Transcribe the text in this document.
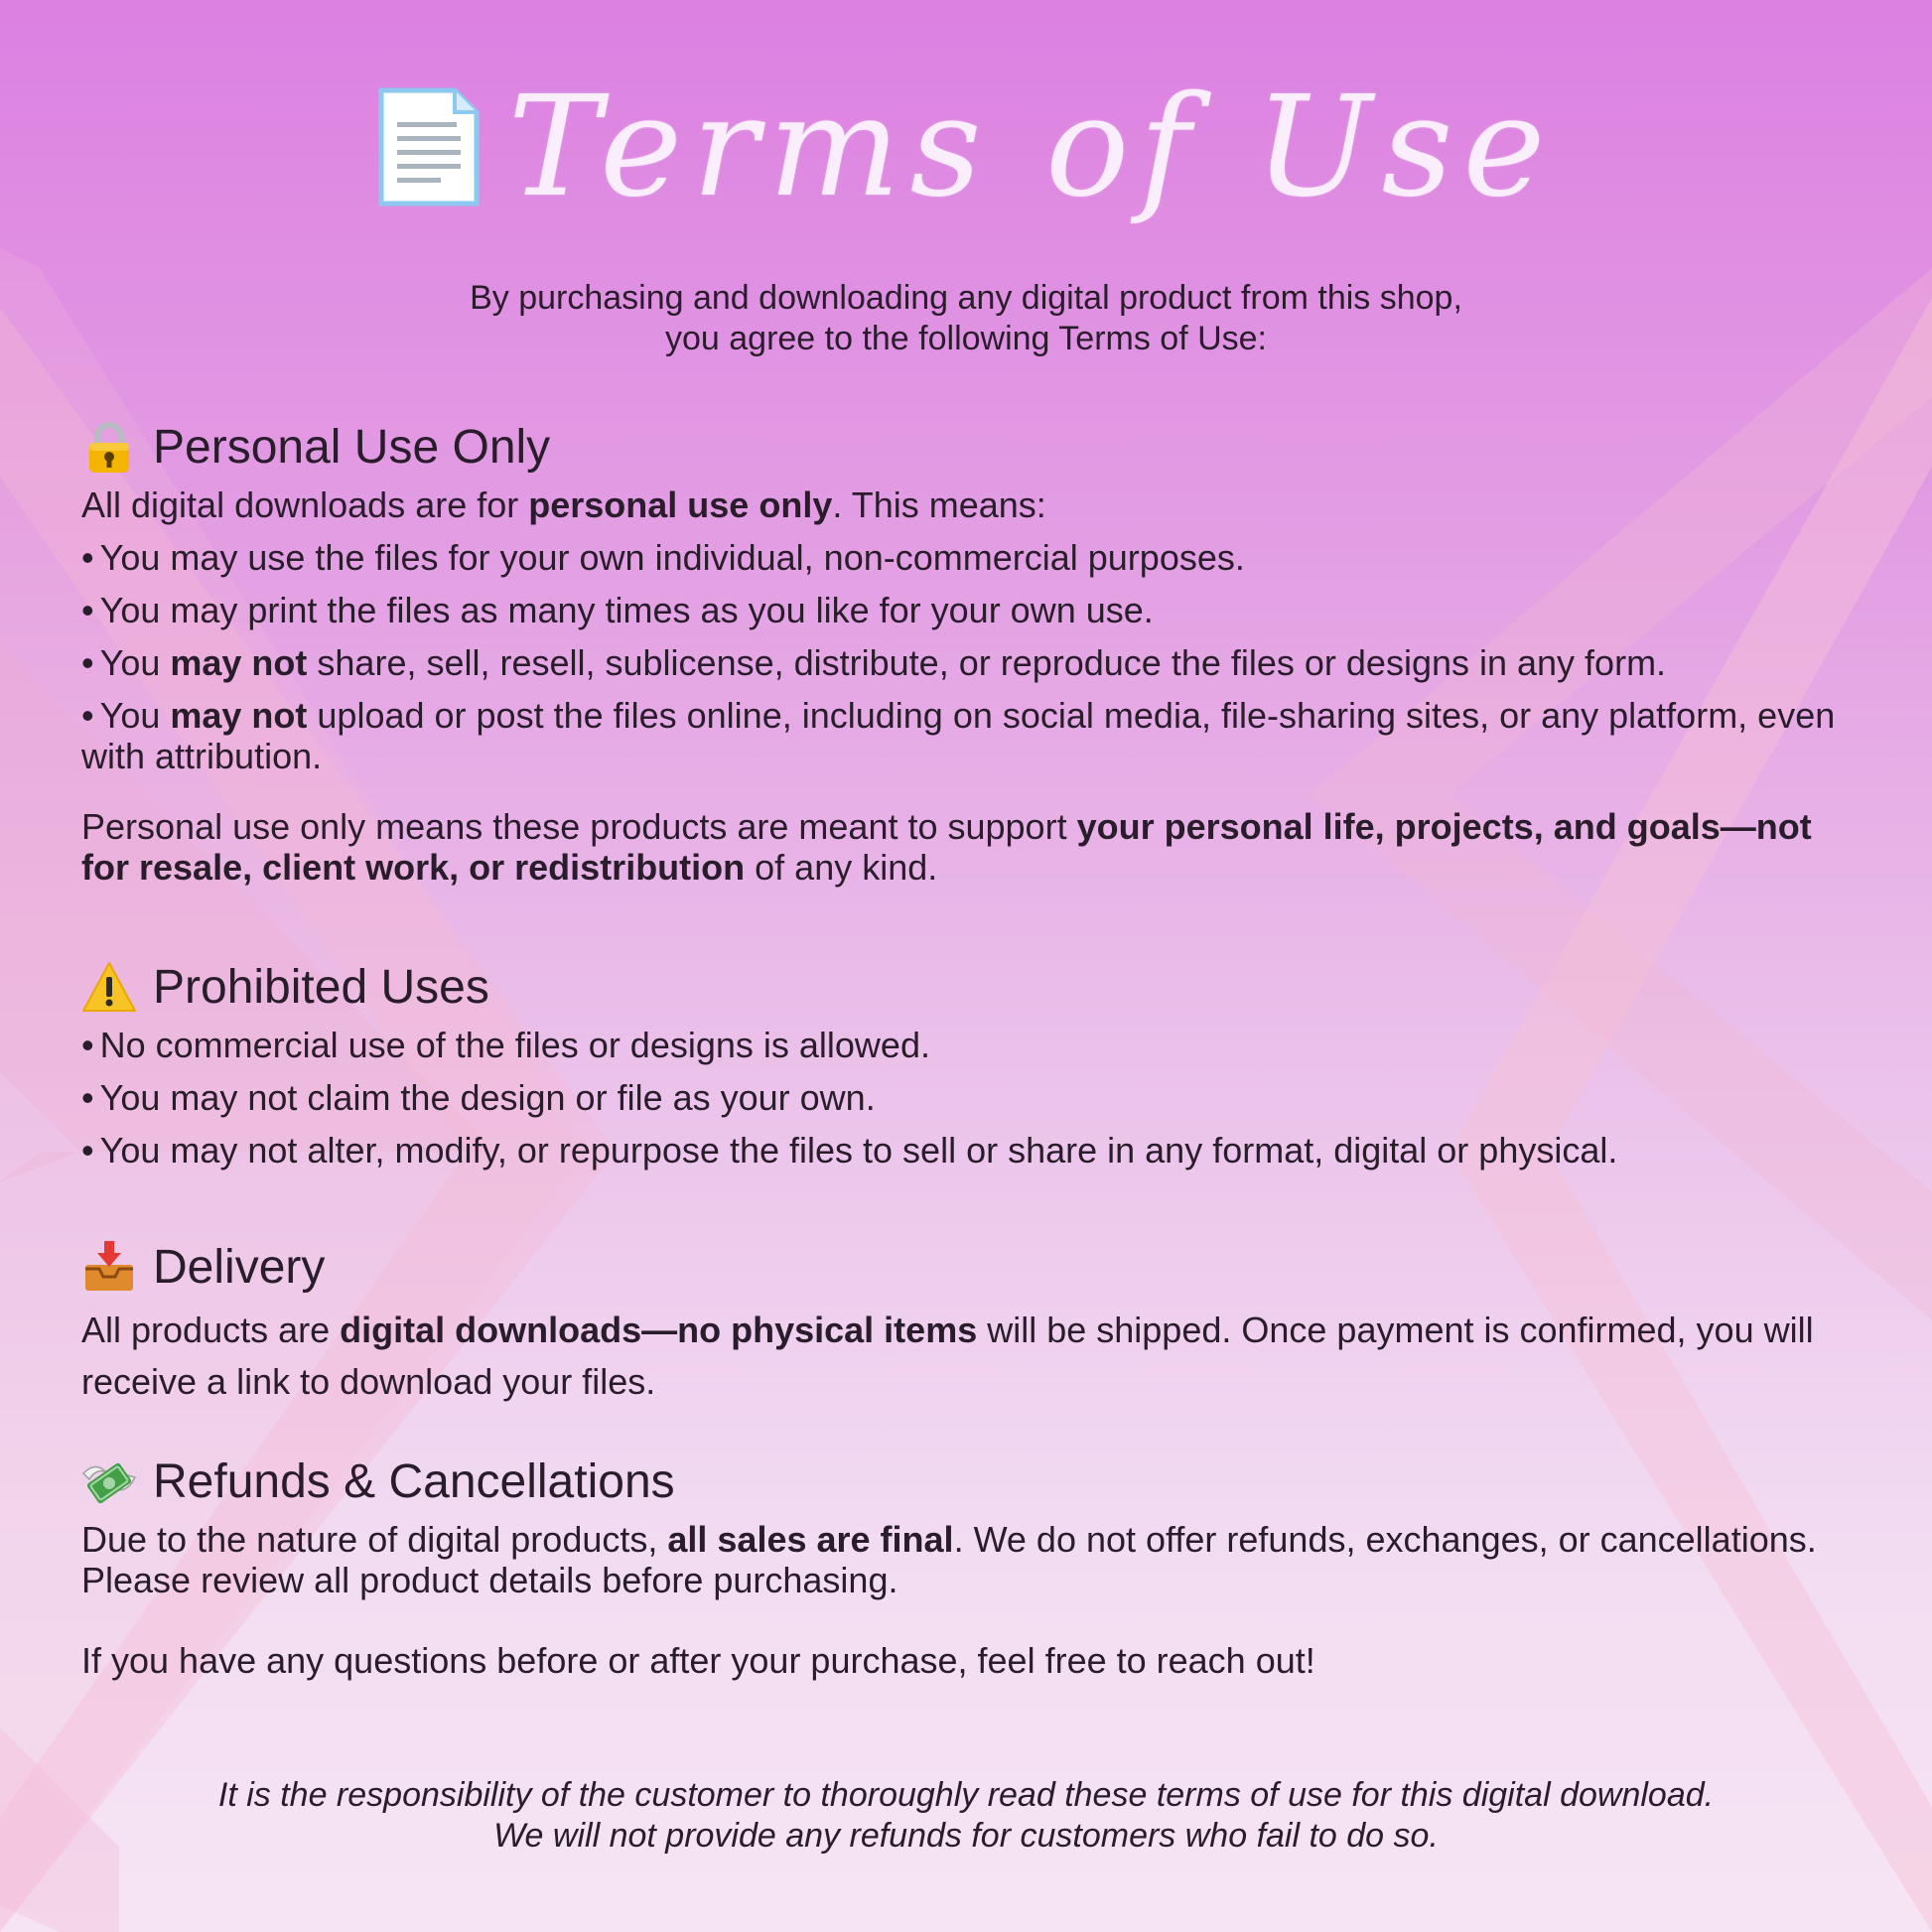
Terms of Use
By purchasing and downloading any digital product from this shop,
you agree to the following Terms of Use:
Personal Use Only
All digital downloads are for personal use only. This means:
• You may use the files for your own individual, non-commercial purposes.
• You may print the files as many times as you like for your own use.
• You may not share, sell, resell, sublicense, distribute, or reproduce the files or designs in any form.
• You may not upload or post the files online, including on social media, file-sharing sites, or any platform, even with attribution.
Personal use only means these products are meant to support your personal life, projects, and goals—not for resale, client work, or redistribution of any kind.
Prohibited Uses
• No commercial use of the files or designs is allowed.
• You may not claim the design or file as your own.
• You may not alter, modify, or repurpose the files to sell or share in any format, digital or physical.
Delivery
All products are digital downloads—no physical items will be shipped. Once payment is confirmed, you will receive a link to download your files.
Refunds & Cancellations
Due to the nature of digital products, all sales are final. We do not offer refunds, exchanges, or cancellations. Please review all product details before purchasing.
If you have any questions before or after your purchase, feel free to reach out!
It is the responsibility of the customer to thoroughly read these terms of use for this digital download.
We will not provide any refunds for customers who fail to do so.
